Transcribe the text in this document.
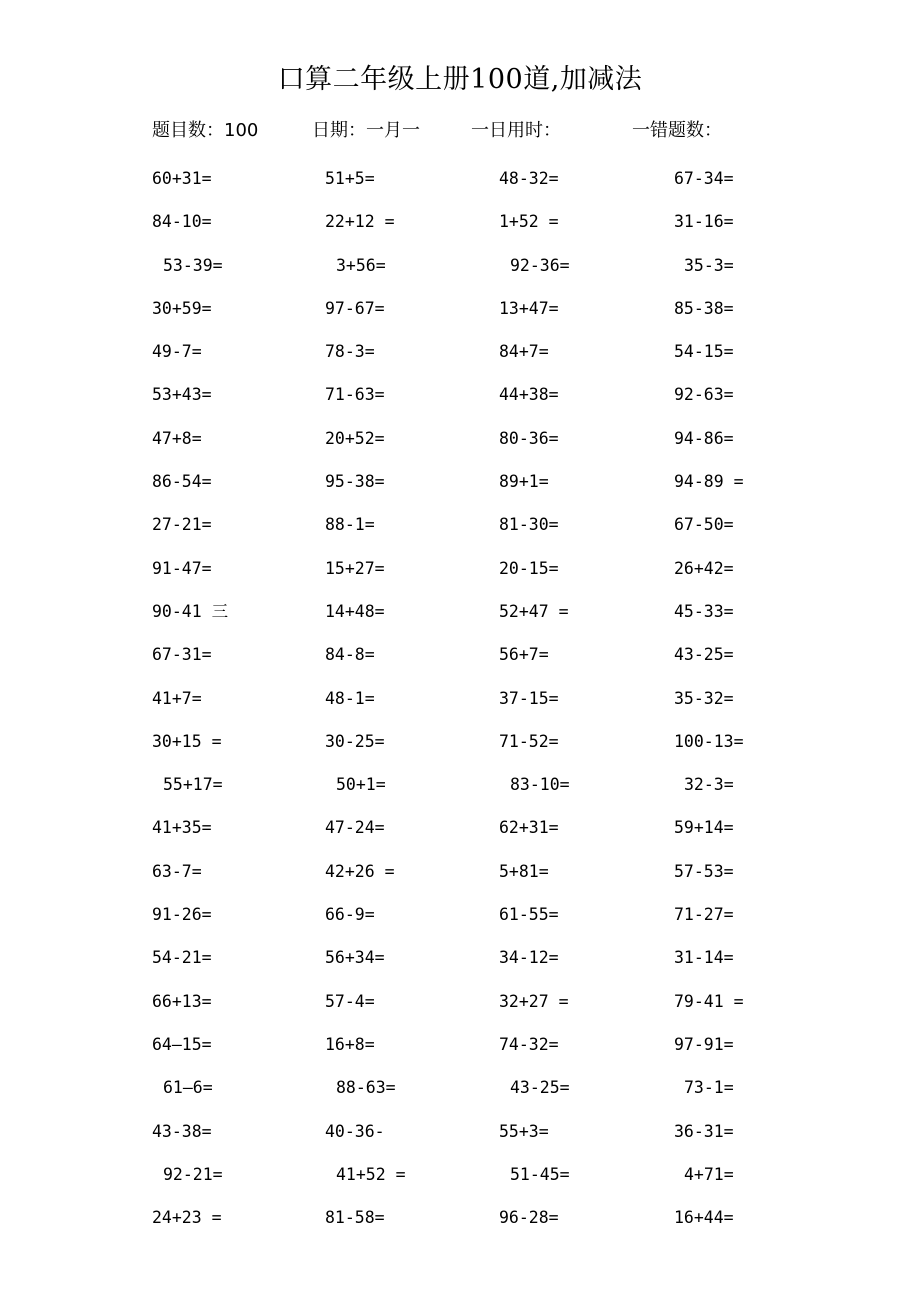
口算二年级上册100道,加减法
题目数：100	日期：一月一	一日用时：	一错题数：
60+31=	51+5=	48-32=	67-34=
84-10=	22+12 =	1+52 =	31-16=
53-39=	3+56=	92-36=	35-3=
30+59=	97-67=	13+47=	85-38=
49-7=	78-3=	84+7=	54-15=
53+43=	71-63=	44+38=	92-63=
47+8=	20+52=	80-36=	94-86=
86-54=	95-38=	89+1=	94-89 =
27-21=	88-1=	81-30=	67-50=
91-47=	15+27=	20-15=	26+42=
90-41 三	14+48=	52+47 =	45-33=
67-31=	84-8=	56+7=	43-25=
41+7=	48-1=	37-15=	35-32=
30+15 =	30-25=	71-52=	100-13=
55+17=	50+1=	83-10=	32-3=
41+35=	47-24=	62+31=	59+14=
63-7=	42+26 =	5+81=	57-53=
91-26=	66-9=	61-55=	71-27=
54-21=	56+34=	34-12=	31-14=
66+13=	57-4=	32+27 =	79-41 =
64—15=	16+8=	74-32=	97-91=
61—6=	88-63=	43-25=	73-1=
43-38=	40-36-	55+3=	36-31=
92-21=	41+52 =	51-45=	4+71=
24+23 =	81-58=	96-28=	16+44=
